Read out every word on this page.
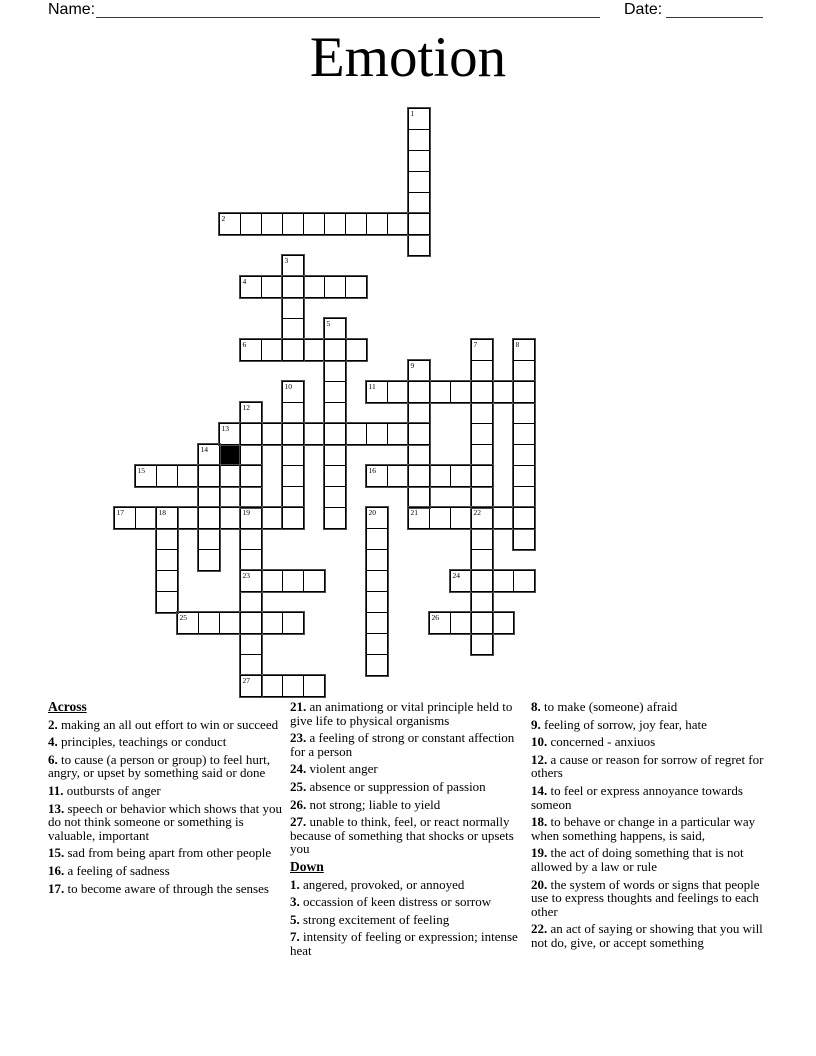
Name:	Date:
Emotion
1
2
3
4
5
6	7	8
9
10	11
12
13
14
15	16
17	18	19
23
27
20	21	22
24
25	26

Across

2. making an all out effort to win or succeed

4. principles, teachings or conduct

6. to cause (a person or group) to feel hurt, angry, or upset by something said or done

11. outbursts of anger

13. speech or behavior which shows that you do not think someone or something is valuable, important

15. sad from being apart from other people

16. a feeling of sadness

17. to become aware of through the senses

21. an animationg or vital principle held to give life to physical organisms

23. a feeling of strong or constant affection for a person

24. violent anger

25. absence or suppression of passion

26. not strong; liable to yield

27. unable to think, feel, or react normally because of something that shocks or upsets you

Down

1. angered, provoked, or annoyed

3. occassion of keen distress or sorrow

5. strong excitement of feeling

7. intensity of feeling or expression; intense heat

8. to make (someone) afraid

9. feeling of sorrow, joy fear, hate

10. concerned - anxiuos

12. a cause or reason for sorrow of regret for others

14. to feel or express annoyance towards someon

18. to behave or change in a particular way when something happens, is said,

19. the act of doing something that is not allowed by a law or rule

20. the system of words or signs that people use to express thoughts and feelings to each other

22. an act of saying or showing that you will not do, give, or accept something
